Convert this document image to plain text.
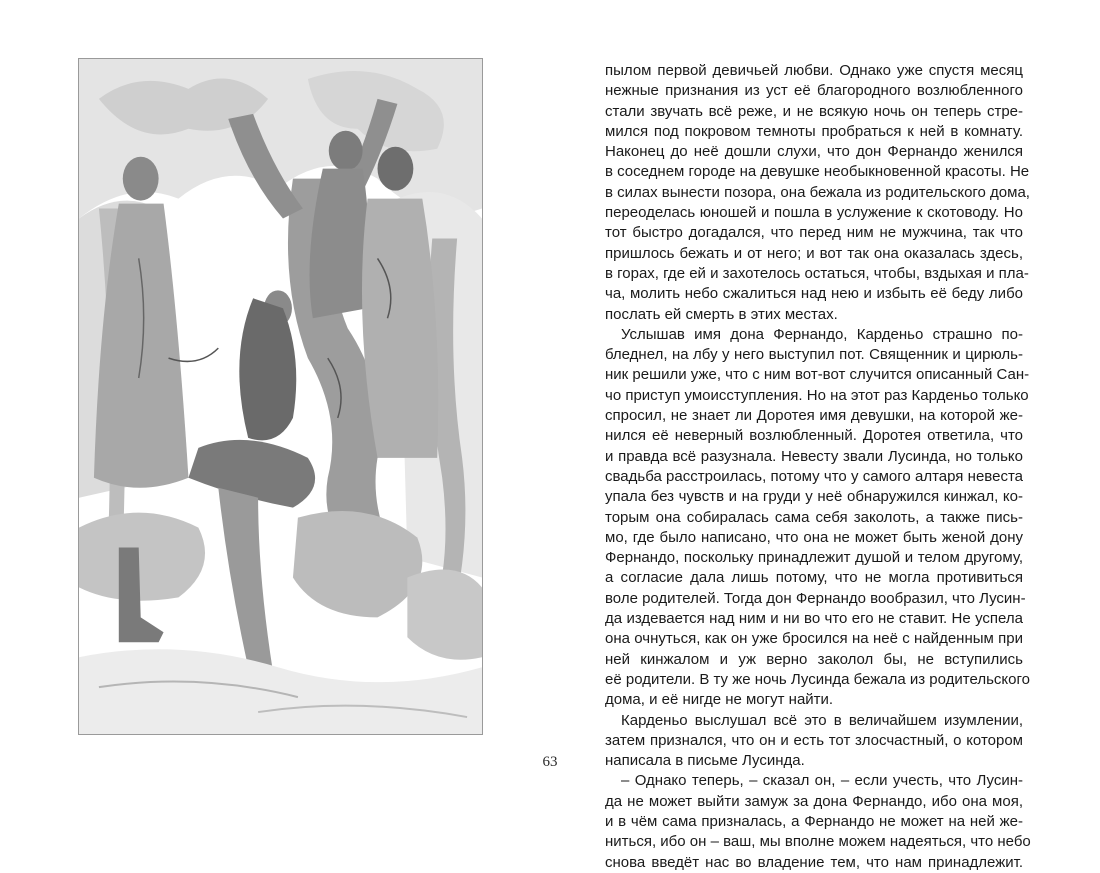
пылом первой девичьей любви. Однако уже спустя месяц

нежные признания из уст её благородного возлюбленного

стали звучать всё реже, и не всякую ночь он теперь стре-

мился под покровом темноты пробраться к ней в комнату.

Наконец до неё дошли слухи, что дон Фернандо женился

в соседнем городе на девушке необыкновенной красоты. Не

в силах вынести позора, она бежала из родительского дома,

переоделась юношей и пошла в услужение к скотоводу. Но

тот быстро догадался, что перед ним не мужчина, так что

пришлось бежать и от него; и вот так она оказалась здесь,

в горах, где ей и захотелось остаться, чтобы, вздыхая и пла-

ча, молить небо сжалиться над нею и избыть её беду либо

послать ей смерть в этих местах.

Услышав имя дона Фернандо, Карденьо страшно по-

бледнел, на лбу у него выступил пот. Священник и цирюль-

ник решили уже, что с ним вот-вот случится описанный Сан-

чо приступ умоисступления. Но на этот раз Карденьо только

спросил, не знает ли Доротея имя девушки, на которой же-

нился её неверный возлюбленный. Доротея ответила, что

и правда всё разузнала. Невесту звали Лусинда, но только

свадьба расстроилась, потому что у самого алтаря невеста

упала без чувств и на груди у неё обнаружился кинжал, ко-

торым она собиралась сама себя заколоть, а также пись-

мо, где было написано, что она не может быть женой дону

Фернандо, поскольку принадлежит душой и телом другому,

а согласие дала лишь потому, что не могла противиться

воле родителей. Тогда дон Фернандо вообразил, что Лусин-

да издевается над ним и ни во что его не ставит. Не успела

она очнуться, как он уже бросился на неё с найденным при

ней кинжалом и уж верно заколол бы, не вступились

её родители. В ту же ночь Лусинда бежала из родительского

дома, и её нигде не могут найти.

Карденьо выслушал всё это в величайшем изумлении,

затем признался, что он и есть тот злосчастный, о котором

написала в письме Лусинда.

– Однако теперь, – сказал он, – если учесть, что Лусин-

да не может выйти замуж за дона Фернандо, ибо она моя,

и в чём сама призналась, а Фернандо не может на ней же-

ниться, ибо он – ваш, мы вполне можем надеяться, что небо

снова введёт нас во владение тем, что нам принадлежит.

63
